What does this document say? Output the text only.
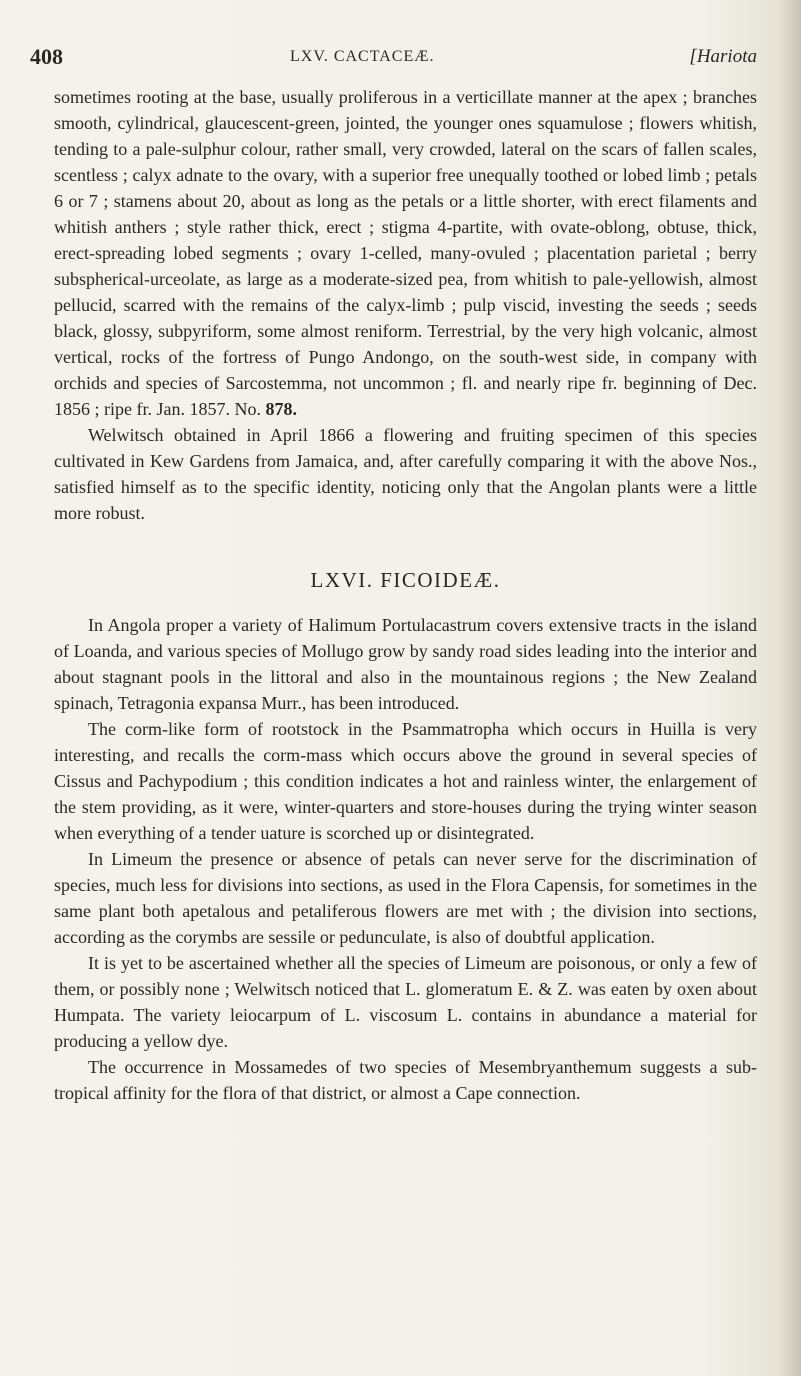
408	LXV. CACTACEÆ.	[Hariota

sometimes rooting at the base, usually proliferous in a verticillate manner at the apex ; branches smooth, cylindrical, glaucescent-green, jointed, the younger ones squamulose ; flowers whitish, tending to a pale-sulphur colour, rather small, very crowded, lateral on the scars of fallen scales, scentless ; calyx adnate to the ovary, with a superior free unequally toothed or lobed limb ; petals 6 or 7 ; stamens about 20, about as long as the petals or a little shorter, with erect filaments and whitish anthers ; style rather thick, erect ; stigma 4-partite, with ovate-oblong, obtuse, thick, erect-spreading lobed segments ; ovary 1-celled, many-ovuled ; placentation parietal ; berry subspherical-urceolate, as large as a moderate-sized pea, from whitish to pale-yellowish, almost pellucid, scarred with the remains of the calyx-limb ; pulp viscid, investing the seeds ; seeds black, glossy, subpyriform, some almost reniform. Terrestrial, by the very high volcanic, almost vertical, rocks of the fortress of Pungo Andongo, on the south-west side, in company with orchids and species of Sarcostemma, not uncommon ; fl. and nearly ripe fr. beginning of Dec. 1856 ; ripe fr. Jan. 1857. No. 878.

Welwitsch obtained in April 1866 a flowering and fruiting specimen of this species cultivated in Kew Gardens from Jamaica, and, after carefully comparing it with the above Nos., satisfied himself as to the specific identity, noticing only that the Angolan plants were a little more robust.

LXVI. FICOIDEÆ.

In Angola proper a variety of Halimum Portulacastrum covers extensive tracts in the island of Loanda, and various species of Mollugo grow by sandy road sides leading into the interior and about stagnant pools in the littoral and also in the mountainous regions ; the New Zealand spinach, Tetragonia expansa Murr., has been introduced.

The corm-like form of rootstock in the Psammatropha which occurs in Huilla is very interesting, and recalls the corm-mass which occurs above the ground in several species of Cissus and Pachypodium ; this condition indicates a hot and rainless winter, the enlargement of the stem providing, as it were, winter-quarters and store-houses during the trying winter season when everything of a tender uature is scorched up or disintegrated.

In Limeum the presence or absence of petals can never serve for the discrimination of species, much less for divisions into sections, as used in the Flora Capensis, for sometimes in the same plant both apetalous and petaliferous flowers are met with ; the division into sections, according as the corymbs are sessile or pedunculate, is also of doubtful application.

It is yet to be ascertained whether all the species of Limeum are poisonous, or only a few of them, or possibly none ; Welwitsch noticed that L. glomeratum E. & Z. was eaten by oxen about Humpata. The variety leiocarpum of L. viscosum L. contains in abundance a material for producing a yellow dye.

The occurrence in Mossamedes of two species of Mesembryanthemum suggests a sub-tropical affinity for the flora of that district, or almost a Cape connection.
